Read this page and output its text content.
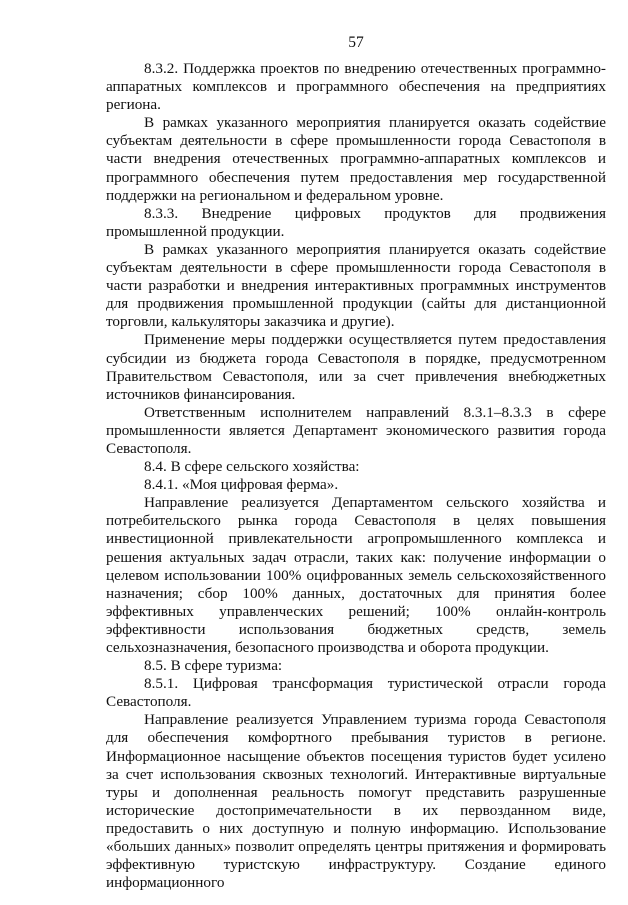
57

8.3.2. Поддержка проектов по внедрению отечественных программно-аппаратных комплексов и программного обеспечения на предприятиях региона.

В рамках указанного мероприятия планируется оказать содействие субъектам деятельности в сфере промышленности города Севастополя в части внедрения отечественных программно-аппаратных комплексов и программного обеспечения путем предоставления мер государственной поддержки на региональном и федеральном уровне.

8.3.3. Внедрение цифровых продуктов для продвижения промышленной продукции.

В рамках указанного мероприятия планируется оказать содействие субъектам деятельности в сфере промышленности города Севастополя в части разработки и внедрения интерактивных программных инструментов для продвижения промышленной продукции (сайты для дистанционной торговли, калькуляторы заказчика и другие).

Применение меры поддержки осуществляется путем предоставления субсидии из бюджета города Севастополя в порядке, предусмотренном Правительством Севастополя, или за счет привлечения внебюджетных источников финансирования.

Ответственным исполнителем направлений 8.3.1–8.3.3 в сфере промышленности является Департамент экономического развития города Севастополя.

8.4. В сфере сельского хозяйства:

8.4.1. «Моя цифровая ферма».

Направление реализуется Департаментом сельского хозяйства и потребительского рынка города Севастополя в целях повышения инвестиционной привлекательности агропромышленного комплекса и решения актуальных задач отрасли, таких как: получение информации о целевом использовании 100% оцифрованных земель сельскохозяйственного назначения; сбор 100% данных, достаточных для принятия более эффективных управленческих решений; 100% онлайн-контроль эффективности использования бюджетных средств, земель сельхозназначения, безопасного производства и оборота продукции.

8.5. В сфере туризма:

8.5.1. Цифровая трансформация туристической отрасли города Севастополя.

Направление реализуется Управлением туризма города Севастополя для обеспечения комфортного пребывания туристов в регионе. Информационное насыщение объектов посещения туристов будет усилено за счет использования сквозных технологий. Интерактивные виртуальные туры и дополненная реальность помогут представить разрушенные исторические достопримечательности в их первозданном виде, предоставить о них доступную и полную информацию. Использование «больших данных» позволит определять центры притяжения и формировать эффективную туристскую инфраструктуру. Создание единого информационного
